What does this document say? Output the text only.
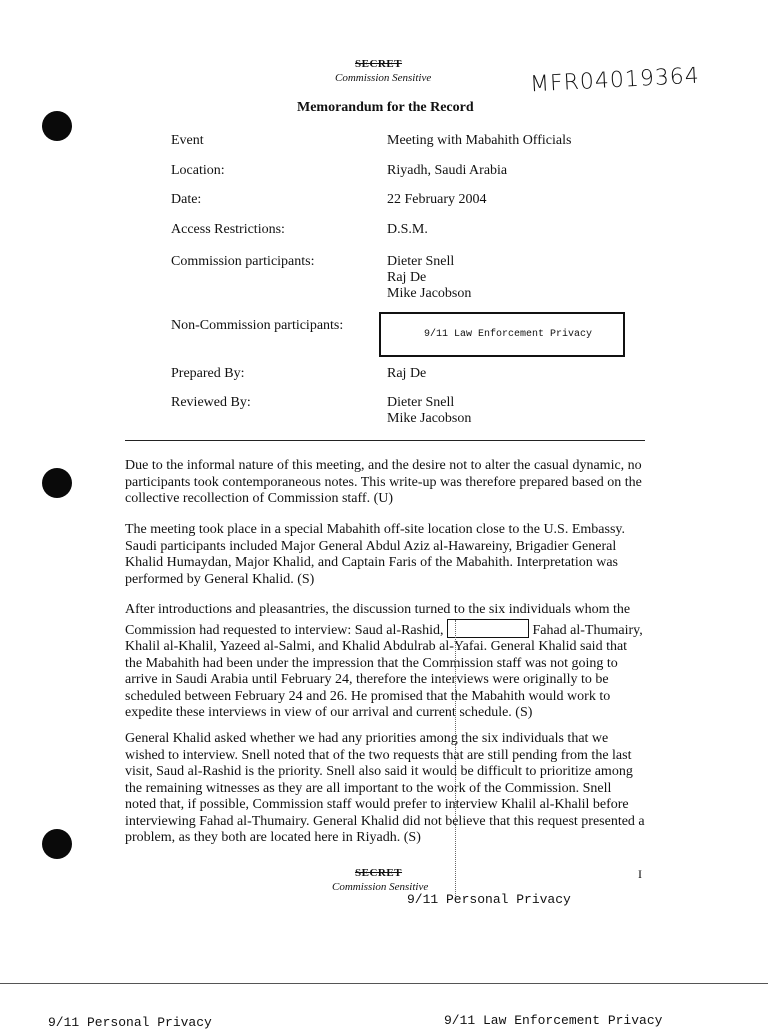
SECRET
Commission Sensitive	MFR04019364
Memorandum for the Record
Event	Meeting with Mabahith Officials
Location:	Riyadh, Saudi Arabia
Date:	22 February 2004
Access Restrictions:	D.S.M.
Commission participants:	Dieter Snell
Raj De
Mike Jacobson
Non-Commission participants:
9/11 Law Enforcement Privacy
Prepared By:	Raj De
Reviewed By:	Dieter Snell
Mike Jacobson
Due to the informal nature of this meeting, and the desire not to alter the casual dynamic, no participants took contemporaneous notes. This write-up was therefore prepared based on the collective recollection of Commission staff. (U)
The meeting took place in a special Mabahith off-site location close to the U.S. Embassy. Saudi participants included Major General Abdul Aziz al-Hawareiny, Brigadier General Khalid Humaydan, Major Khalid, and Captain Faris of the Mabahith. Interpretation was performed by General Khalid. (S)
After introductions and pleasantries, the discussion turned to the six individuals whom the Commission had requested to interview: Saud al-Rashid,	Fahad al-Thumairy, Khalil al-Khalil, Yazeed al-Salmi, and Khalid Abdulrab al-Yafai. General Khalid said that the Mabahith had been under the impression that the Commission staff was not going to arrive in Saudi Arabia until February 24, therefore the interviews were originally to be scheduled between February 24 and 26. He promised that the Mabahith would work to expedite these interviews in view of our arrival and current schedule. (S)
General Khalid asked whether we had any priorities among the six individuals that we wished to interview. Snell noted that of the two requests that are still pending from the last visit, Saud al-Rashid is the priority. Snell also said it would be difficult to prioritize among the remaining witnesses as they are all important to the work of the Commission. Snell noted that, if possible, Commission staff would prefer to interview Khalil al-Khalil before interviewing Fahad al-Thumairy. General Khalid did not believe that this request presented a problem, as they both are located here in Riyadh. (S)
SECRET
Commission Sensitive
9/11 Personal Privacy
I
9/11 Personal Privacy	9/11 Law Enforcement Privacy
